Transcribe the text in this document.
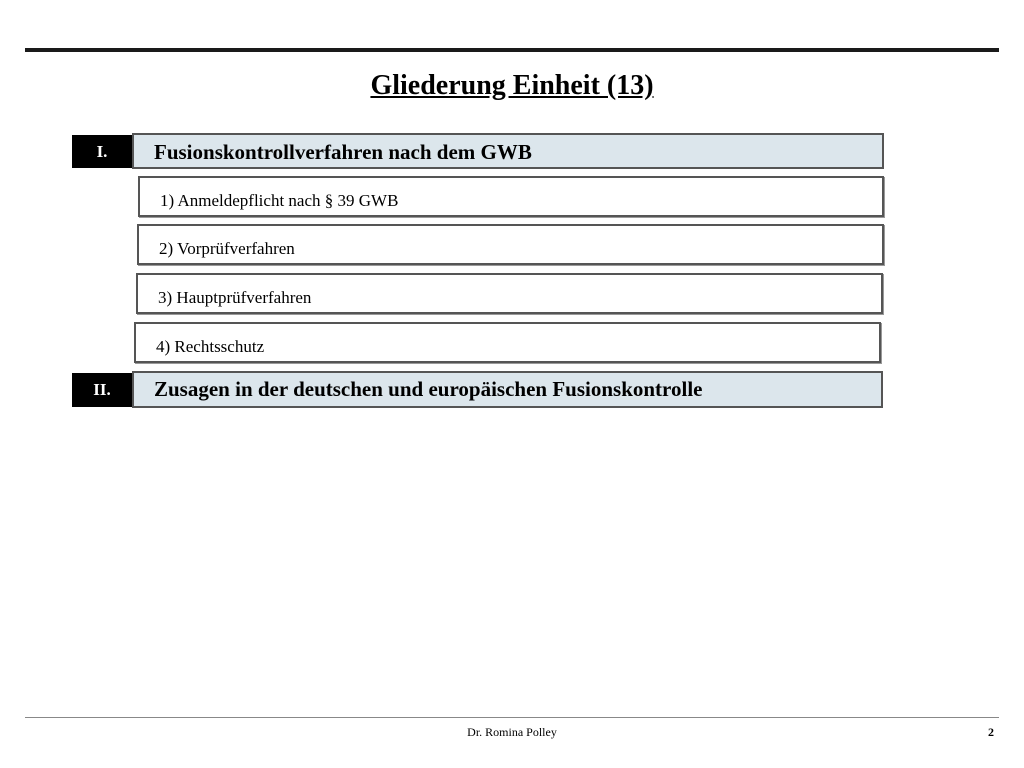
Gliederung Einheit (13)
Fusionskontrollverfahren nach dem GWB
I.
1) Anmeldepflicht nach § 39 GWB
2) Vorprüfverfahren
3) Hauptprüfverfahren
4) Rechtsschutz
Zusagen in der deutschen und europäischen Fusionskontrolle
II.
Dr. Romina Polley	2
